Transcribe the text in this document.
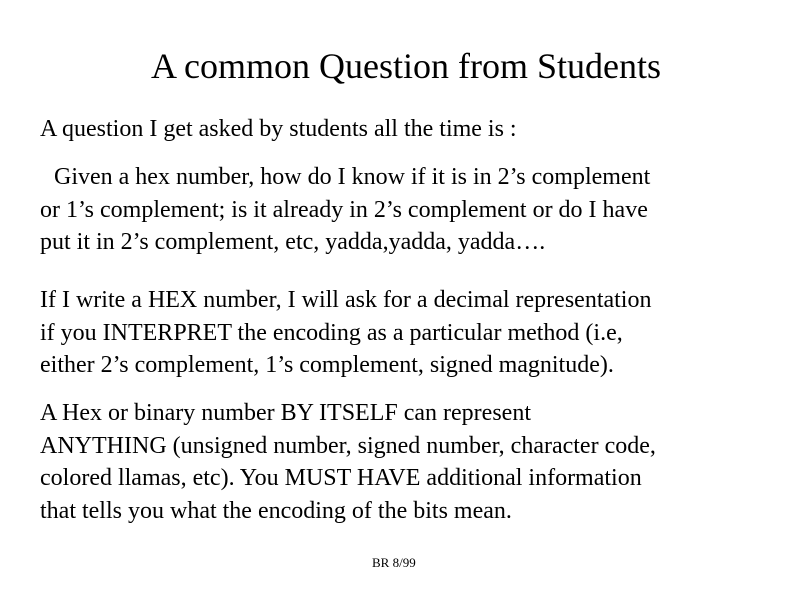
A common Question from Students
A question I get asked by students all the time is :
Given a hex number, how do I know if it is in 2’s complement
or 1’s complement; is it already in 2’s complement or do I have
put it in 2’s complement, etc, yadda,yadda, yadda….
If I write a HEX number, I will ask for a decimal representation
if you INTERPRET the encoding as a particular method (i.e,
either 2’s complement, 1’s complement, signed magnitude).
A Hex or binary number BY ITSELF can represent
ANYTHING (unsigned number, signed number, character code,
colored llamas, etc). You MUST HAVE additional information
that tells you what the encoding of the bits mean.
BR 8/99
